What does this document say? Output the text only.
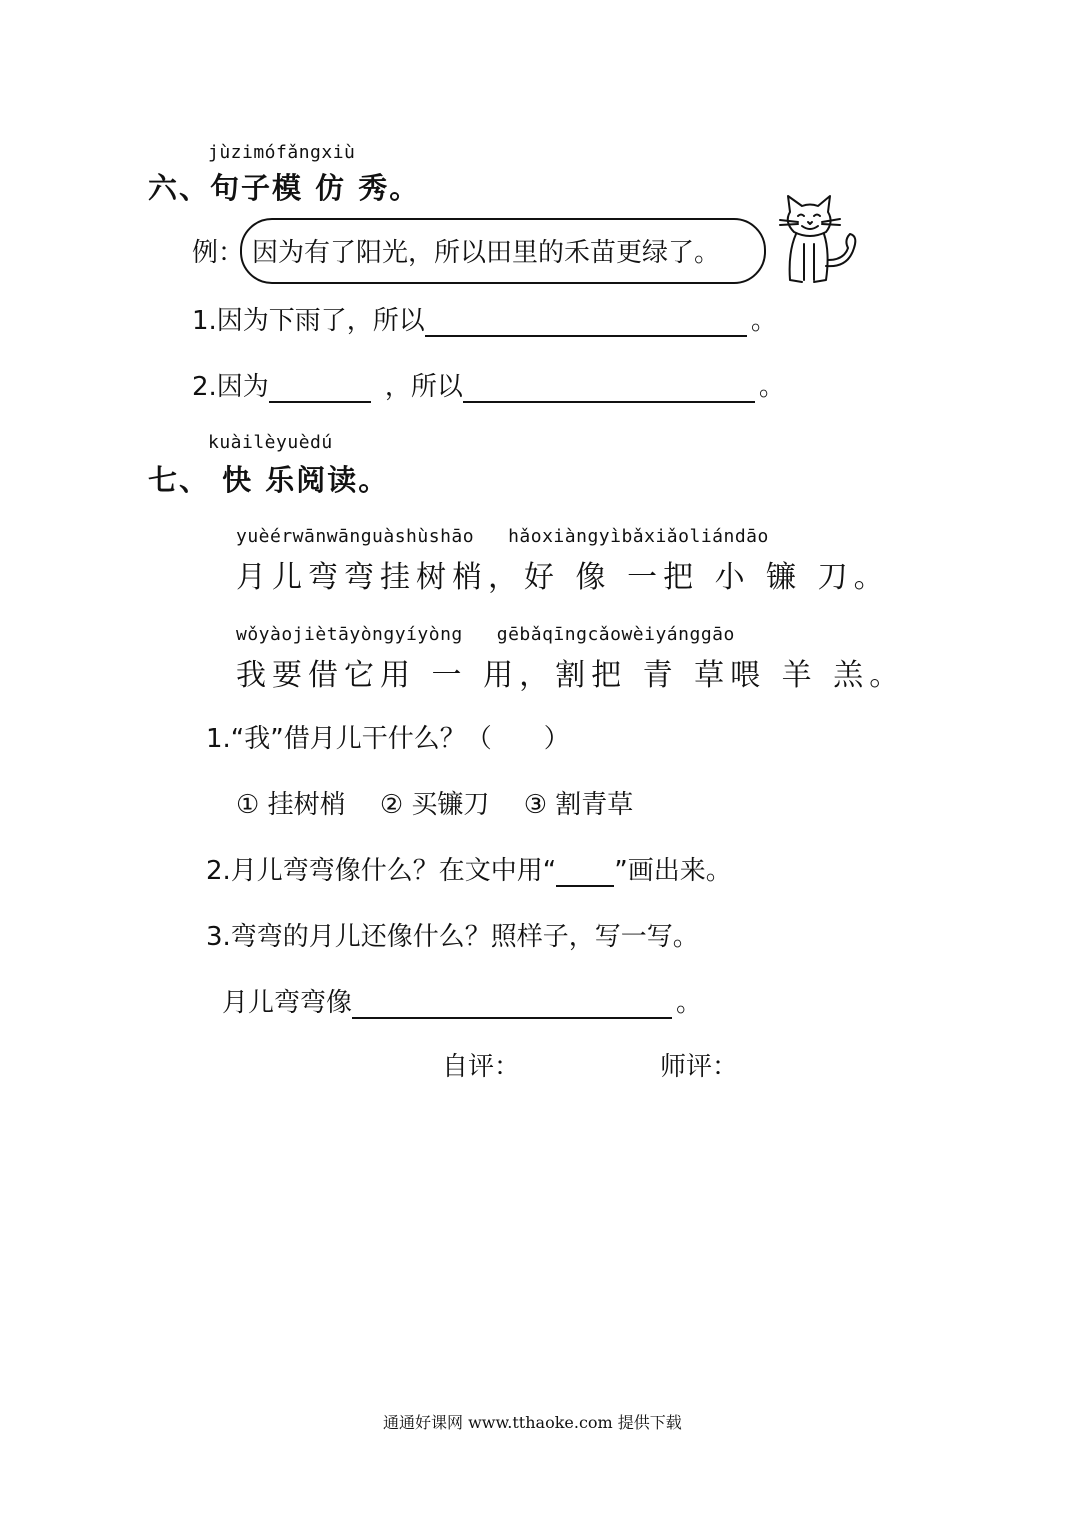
jùzimófǎngxiù
六、句子模 仿 秀。
例： 因为有了阳光，所以田里的禾苗更绿了。
1.因为下雨了，所以	。
2.因为	，所以	。
kuàilèyuèdú
七、 快 乐阅读。
yuèérwānwānguàshùshāo   hǎoxiàngyìbǎxiǎoliándāo
月儿弯弯挂树梢，好 像 一把 小 镰 刀。
wǒyàojiètāyòngyíyòng   gēbǎqīngcǎowèiyánggāo
我要借它用 一 用，割把 青 草喂 羊 羔。
1.“我”借月儿干什么？（　　）
① 挂树梢 ② 买镰刀 ③ 割青草
2.月儿弯弯像什么？在文中用“ ”画出来。
3.弯弯的月儿还像什么？照样子，写一写。
月儿弯弯像	。
自评：	师评：
通通好课网 www.tthaoke.com 提供下载
